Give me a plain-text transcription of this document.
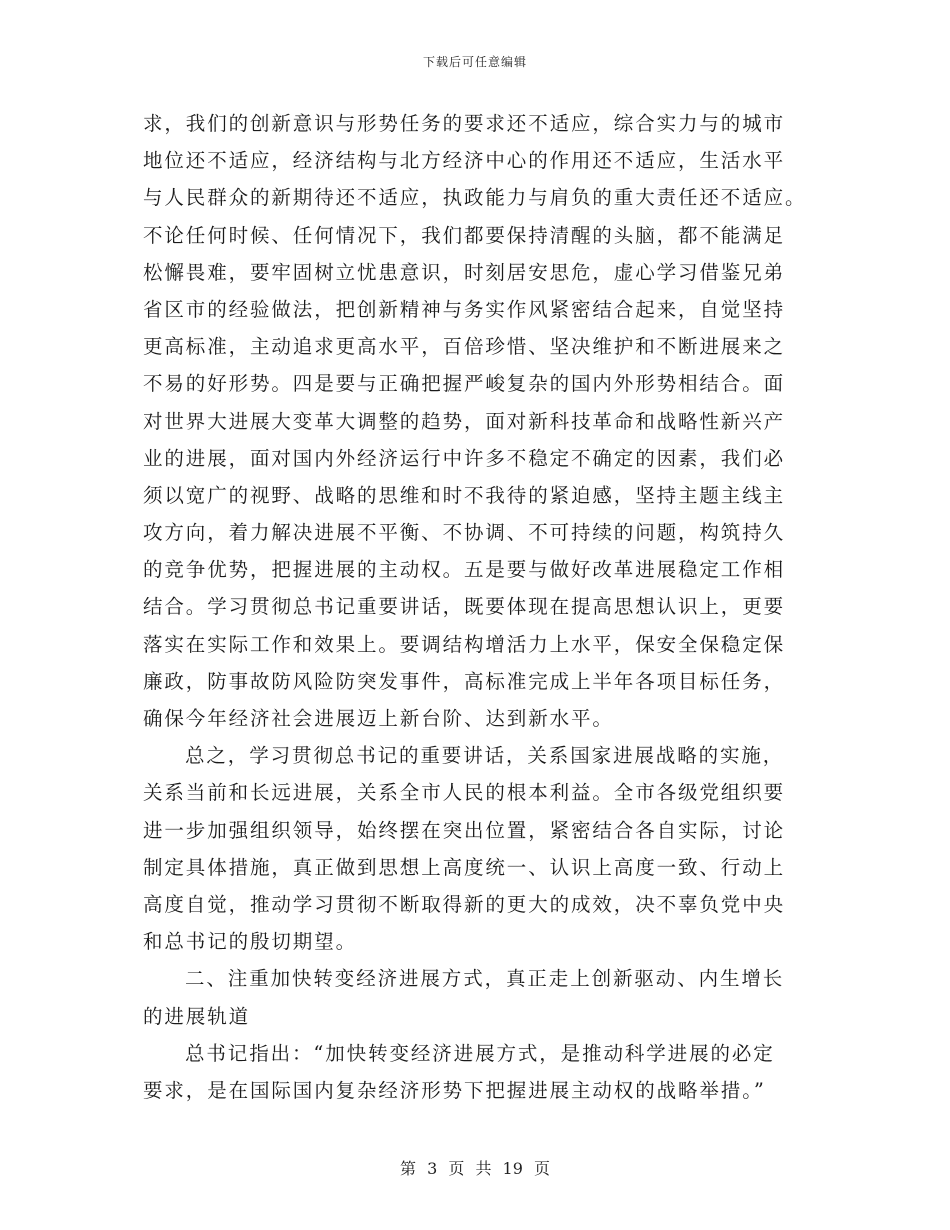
下载后可任意编辑
求，我们的创新意识与形势任务的要求还不适应，综合实力与的城市
地位还不适应，经济结构与北方经济中心的作用还不适应，生活水平
与人民群众的新期待还不适应，执政能力与肩负的重大责任还不适应。
不论任何时候、任何情况下，我们都要保持清醒的头脑，都不能满足
松懈畏难，要牢固树立忧患意识，时刻居安思危，虚心学习借鉴兄弟
省区市的经验做法，把创新精神与务实作风紧密结合起来，自觉坚持
更高标准，主动追求更高水平，百倍珍惜、坚决维护和不断进展来之
不易的好形势。四是要与正确把握严峻复杂的国内外形势相结合。面
对世界大进展大变革大调整的趋势，面对新科技革命和战略性新兴产
业的进展，面对国内外经济运行中许多不稳定不确定的因素，我们必
须以宽广的视野、战略的思维和时不我待的紧迫感，坚持主题主线主
攻方向，着力解决进展不平衡、不协调、不可持续的问题，构筑持久
的竞争优势，把握进展的主动权。五是要与做好改革进展稳定工作相
结合。学习贯彻总书记重要讲话，既要体现在提高思想认识上，更要
落实在实际工作和效果上。要调结构增活力上水平，保安全保稳定保
廉政，防事故防风险防突发事件，高标准完成上半年各项目标任务，
确保今年经济社会进展迈上新台阶、达到新水平。
总之，学习贯彻总书记的重要讲话，关系国家进展战略的实施，
关系当前和长远进展，关系全市人民的根本利益。全市各级党组织要
进一步加强组织领导，始终摆在突出位置，紧密结合各自实际，讨论
制定具体措施，真正做到思想上高度统一、认识上高度一致、行动上
高度自觉，推动学习贯彻不断取得新的更大的成效，决不辜负党中央
和总书记的殷切期望。
二、注重加快转变经济进展方式，真正走上创新驱动、内生增长
的进展轨道
总书记指出：“加快转变经济进展方式，是推动科学进展的必定
要求，是在国际国内复杂经济形势下把握进展主动权的战略举措。”
第 3 页 共 19 页
